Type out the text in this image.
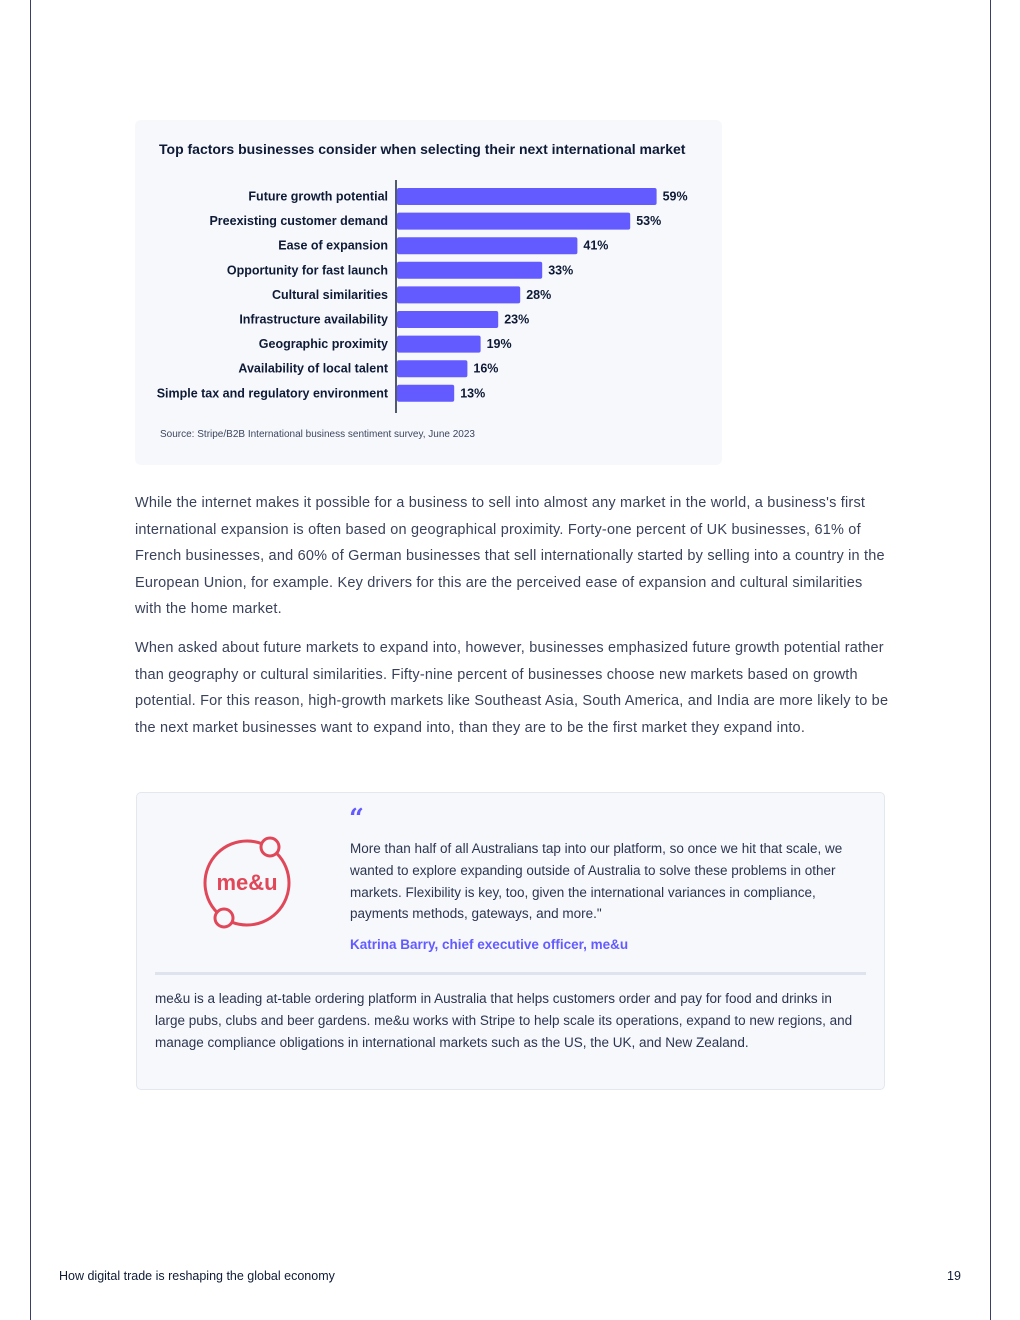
Top factors businesses consider when selecting their next international market
Future growth potential	59%
Preexisting customer demand	53%
Ease of expansion	41%
Opportunity for fast launch	33%
Cultural similarities	28%
Infrastructure availability	23%
Geographic proximity	19%
Availability of local talent	16%
Simple tax and regulatory environment	13%
Source: Stripe/B2B International business sentiment survey, June 2023

While the internet makes it possible for a business to sell into almost any market in the world, a business's first international expansion is often based on geographical proximity. Forty-one percent of UK businesses, 61% of French businesses, and 60% of German businesses that sell internationally started by selling into a country in the European Union, for example. Key drivers for this are the perceived ease of expansion and cultural similarities with the home market.

When asked about future markets to expand into, however, businesses emphasized future growth potential rather than geography or cultural similarities. Fifty-nine percent of businesses choose new markets based on growth potential. For this reason, high-growth markets like Southeast Asia, South America, and India are more likely to be the next market businesses want to expand into, than they are to be the first market they expand into.

me&u
“

More than half of all Australians tap into our platform, so once we hit that scale, we wanted to explore expanding outside of Australia to solve these problems in other markets. Flexibility is key, too, given the international variances in compliance, payments methods, gateways, and more."

Katrina Barry, chief executive officer, me&u

me&u is a leading at-table ordering platform in Australia that helps customers order and pay for food and drinks in large pubs, clubs and beer gardens. me&u works with Stripe to help scale its operations, expand to new regions, and manage compliance obligations in international markets such as the US, the UK, and New Zealand.

How digital trade is reshaping the global economy	19
